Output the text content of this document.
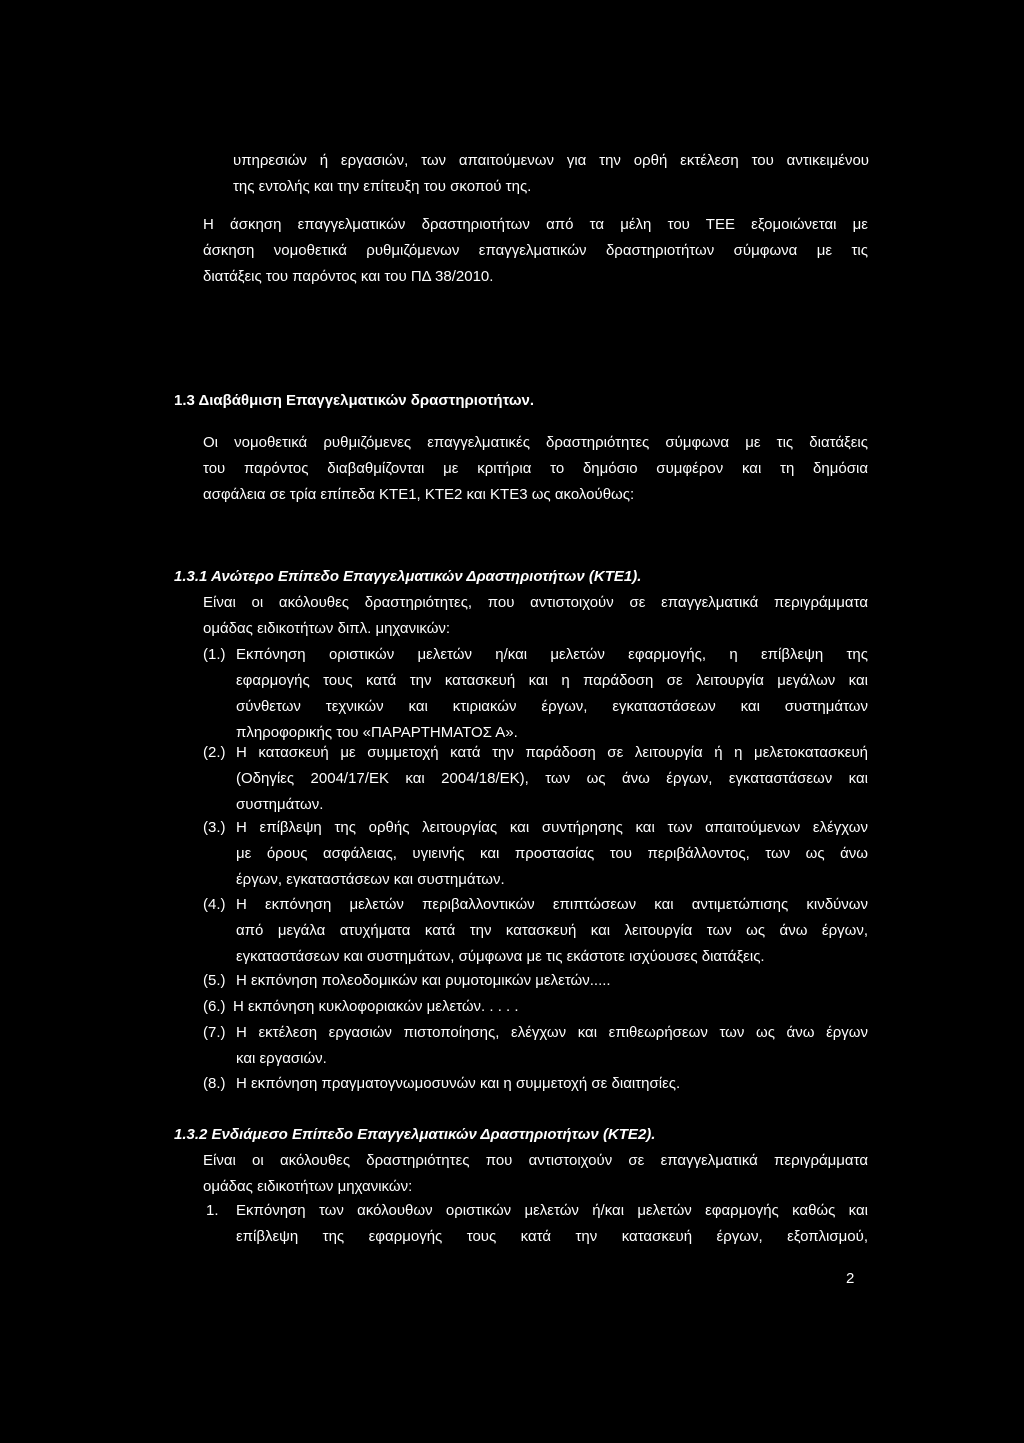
υπηρεσιών ή εργασιών, των απαιτούμενων για την ορθή εκτέλεση του αντικειμένου
της εντολής και την επίτευξη του σκοπού της.
Η άσκηση επαγγελματικών δραστηριοτήτων από τα μέλη του ΤΕΕ εξομοιώνεται με
άσκηση νομοθετικά ρυθμιζόμενων επαγγελματικών δραστηριοτήτων σύμφωνα με τις
διατάξεις του παρόντος και του ΠΔ 38/2010.
1.3 Διαβάθμιση Επαγγελματικών δραστηριοτήτων.
Οι νομοθετικά ρυθμιζόμενες επαγγελματικές δραστηριότητες σύμφωνα με τις διατάξεις
του παρόντος διαβαθμίζονται με κριτήρια το δημόσιο συμφέρον και τη δημόσια
ασφάλεια σε τρία επίπεδα ΚΤΕ1, ΚΤΕ2 και ΚΤΕ3 ως ακολούθως:
1.3.1 Ανώτερο Επίπεδο Επαγγελματικών Δραστηριοτήτων (ΚΤΕ1).
Είναι οι ακόλουθες δραστηριότητες, που αντιστοιχούν σε επαγγελματικά περιγράμματα
ομάδας ειδικοτήτων διπλ. μηχανικών:
(1.) Εκπόνηση οριστικών μελετών η/και μελετών εφαρμογής, η επίβλεψη της
εφαρμογής τους κατά την κατασκευή και η παράδοση σε λειτουργία μεγάλων και
σύνθετων τεχνικών και κτιριακών έργων, εγκαταστάσεων και συστημάτων
πληροφορικής του «ΠΑΡΑΡΤΗΜΑΤΟΣ Α».
(2.) Η κατασκευή με συμμετοχή κατά την παράδοση σε λειτουργία ή η μελετοκατασκευή
(Οδηγίες 2004/17/ΕΚ και 2004/18/ΕΚ), των ως άνω έργων, εγκαταστάσεων και
συστημάτων.
(3.) Η επίβλεψη της ορθής λειτουργίας και συντήρησης και των απαιτούμενων ελέγχων
με όρους ασφάλειας, υγιεινής και προστασίας του περιβάλλοντος, των ως άνω
έργων, εγκαταστάσεων και συστημάτων.
(4.) Η εκπόνηση μελετών περιβαλλοντικών επιπτώσεων και αντιμετώπισης κινδύνων
από μεγάλα ατυχήματα κατά την κατασκευή και λειτουργία των ως άνω έργων,
εγκαταστάσεων και συστημάτων, σύμφωνα με τις εκάστοτε ισχύουσες διατάξεις.
(5.) Η εκπόνηση πολεοδομικών και ρυμοτομικών μελετών.....
(6.) Η εκπόνηση κυκλοφοριακών μελετών. . . . .
(7.) Η εκτέλεση εργασιών πιστοποίησης, ελέγχων και επιθεωρήσεων των ως άνω έργων
και εργασιών.
(8.) Η εκπόνηση πραγματογνωμοσυνών και η συμμετοχή σε διαιτησίες.
1.3.2 Ενδιάμεσο Επίπεδο Επαγγελματικών Δραστηριοτήτων (ΚΤΕ2).
Είναι οι ακόλουθες δραστηριότητες που αντιστοιχούν σε επαγγελματικά περιγράμματα
ομάδας ειδικοτήτων μηχανικών:
1. Εκπόνηση των ακόλουθων οριστικών μελετών ή/και μελετών εφαρμογής καθώς και
επίβλεψη της εφαρμογής τους κατά την κατασκευή έργων, εξοπλισμού,
2
